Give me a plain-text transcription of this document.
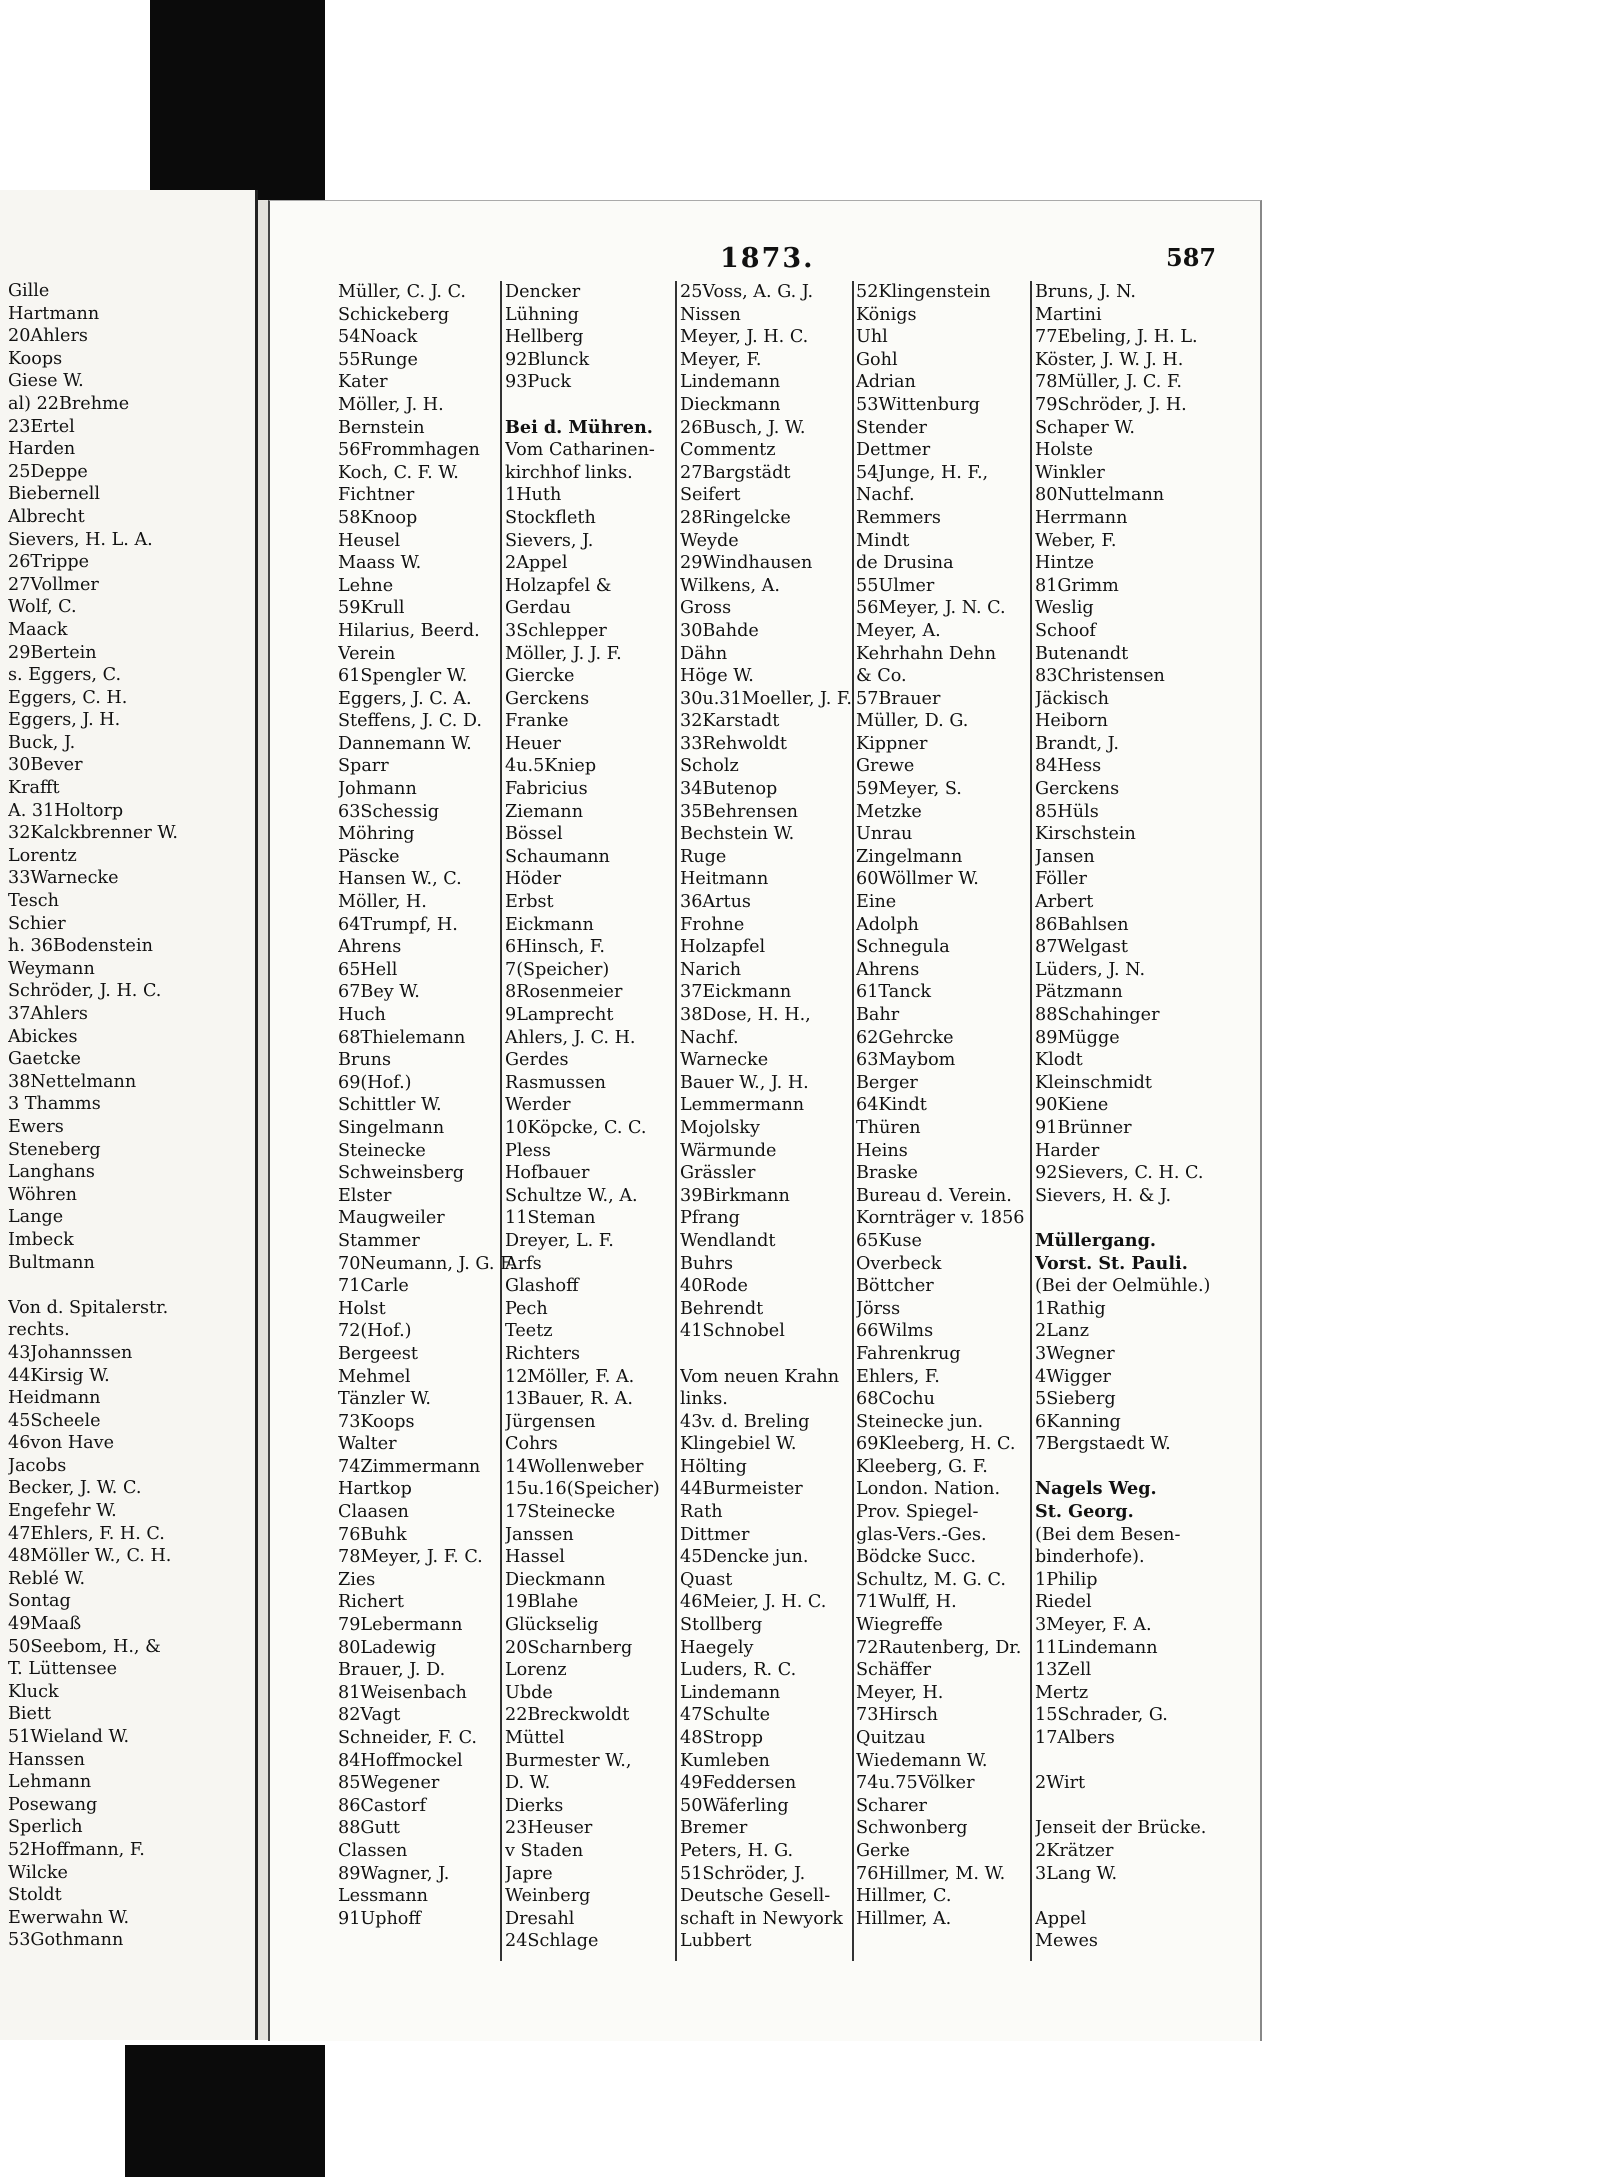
Gille
Hartmann
20Ahlers
Koops
Giese W.
al) 22Brehme
23Ertel
Harden
25Deppe
Biebernell
Albrecht
Sievers, H. L. A.
26Trippe
27Vollmer
Wolf, C.
Maack
29Bertein
s. Eggers, C.
Eggers, C. H.
Eggers, J. H.
Buck, J.
30Bever
Krafft
A. 31Holtorp
32Kalckbrenner W.
Lorentz
33Warnecke
Tesch
Schier
h. 36Bodenstein
Weymann
Schröder, J. H. C.
37Ahlers
Abickes
Gaetcke
38Nettelmann
3 Thamms
Ewers
Steneberg
Langhans
Wöhren
Lange
Imbeck
Bultmann
Von d. Spitalerstr.
rechts.
43Johannssen
44Kirsig W.
Heidmann
45Scheele
46von Have
Jacobs
Becker, J. W. C.
Engefehr W.
47Ehlers, F. H. C.
48Möller W., C. H.
Reblé W.
Sontag
49Maaß
50Seebom, H., &
T. Lüttensee
Kluck
Biett
51Wieland W.
Hanssen
Lehmann
Posewang
Sperlich
52Hoffmann, F.
Wilcke
Stoldt
Ewerwahn W.
53Gothmann
1873.	587
Müller, C. J. C.
Schickeberg
54Noack
55Runge
Kater
Möller, J. H.
Bernstein
56Frommhagen
Koch, C. F. W.
Fichtner
58Knoop
Heusel
Maass W.
Lehne
59Krull
Hilarius, Beerd.
Verein
61Spengler W.
Eggers, J. C. A.
Steffens, J. C. D.
Dannemann W.
Sparr
Johmann
63Schessig
Möhring
Päscke
Hansen W., C.
Möller, H.
64Trumpf, H.
Ahrens
65Hell
67Bey W.
Huch
68Thielemann
Bruns
69(Hof.)
Schittler W.
Singelmann
Steinecke
Schweinsberg
Elster
Maugweiler
Stammer
70Neumann, J. G. F.
71Carle
Holst
72(Hof.)
Bergeest
Mehmel
Tänzler W.
73Koops
Walter
74Zimmermann
Hartkop
Claasen
76Buhk
78Meyer, J. F. C.
Zies
Richert
79Lebermann
80Ladewig
Brauer, J. D.
81Weisenbach
82Vagt
Schneider, F. C.
84Hoffmockel
85Wegener
86Castorf
88Gutt
Classen
89Wagner, J.
Lessmann
91Uphoff
Dencker
Lühning
Hellberg
92Blunck
93Puck
Bei d. Mühren.
Vom Catharinen-
kirchhof links.
1Huth
Stockfleth
Sievers, J.
2Appel
Holzapfel &
Gerdau
3Schlepper
Möller, J. J. F.
Giercke
Gerckens
Franke
Heuer
4u.5Kniep
Fabricius
Ziemann
Bössel
Schaumann
Höder
Erbst
Eickmann
6Hinsch, F.
7(Speicher)
8Rosenmeier
9Lamprecht
Ahlers, J. C. H.
Gerdes
Rasmussen
Werder
10Köpcke, C. C.
Pless
Hofbauer
Schultze W., A.
11Steman
Dreyer, L. F.
Arfs
Glashoff
Pech
Teetz
Richters
12Möller, F. A.
13Bauer, R. A.
Jürgensen
Cohrs
14Wollenweber
15u.16(Speicher)
17Steinecke
Janssen
Hassel
Dieckmann
19Blahe
Glückselig
20Scharnberg
Lorenz
Ubde
22Breckwoldt
Müttel
Burmester W.,
D. W.
Dierks
23Heuser
v Staden
Japre
Weinberg
Dresahl
24Schlage
25Voss, A. G. J.
Nissen
Meyer, J. H. C.
Meyer, F.
Lindemann
Dieckmann
26Busch, J. W.
Commentz
27Bargstädt
Seifert
28Ringelcke
Weyde
29Windhausen
Wilkens, A.
Gross
30Bahde
Dähn
Höge W.
30u.31Moeller, J. F.
32Karstadt
33Rehwoldt
Scholz
34Butenop
35Behrensen
Bechstein W.
Ruge
Heitmann
36Artus
Frohne
Holzapfel
Narich
37Eickmann
38Dose, H. H.,
Nachf.
Warnecke
Bauer W., J. H.
Lemmermann
Mojolsky
Wärmunde
Grässler
39Birkmann
Pfrang
Wendlandt
Buhrs
40Rode
Behrendt
41Schnobel
Vom neuen Krahn
links.
43v. d. Breling
Klingebiel W.
Hölting
44Burmeister
Rath
Dittmer
45Dencke jun.
Quast
46Meier, J. H. C.
Stollberg
Haegely
Luders, R. C.
Lindemann
47Schulte
48Stropp
Kumleben
49Feddersen
50Wäferling
Bremer
Peters, H. G.
51Schröder, J.
Deutsche Gesell-
schaft in Newyork
Lubbert
52Klingenstein
Königs
Uhl
Gohl
Adrian
53Wittenburg
Stender
Dettmer
54Junge, H. F.,
Nachf.
Remmers
Mindt
de Drusina
55Ulmer
56Meyer, J. N. C.
Meyer, A.
Kehrhahn Dehn
& Co.
57Brauer
Müller, D. G.
Kippner
Grewe
59Meyer, S.
Metzke
Unrau
Zingelmann
60Wöllmer W.
Eine
Adolph
Schnegula
Ahrens
61Tanck
Bahr
62Gehrcke
63Maybom
Berger
64Kindt
Thüren
Heins
Braske
Bureau d. Verein.
Kornträger v. 1856
65Kuse
Overbeck
Böttcher
Jörss
66Wilms
Fahrenkrug
Ehlers, F.
68Cochu
Steinecke jun.
69Kleeberg, H. C.
Kleeberg, G. F.
London. Nation.
Prov. Spiegel-
glas-Vers.-Ges.
Bödcke Succ.
Schultz, M. G. C.
71Wulff, H.
Wiegreffe
72Rautenberg, Dr.
Schäffer
Meyer, H.
73Hirsch
Quitzau
Wiedemann W.
74u.75Völker
Scharer
Schwonberg
Gerke
76Hillmer, M. W.
Hillmer, C.
Hillmer, A.
Bruns, J. N.
Martini
77Ebeling, J. H. L.
Köster, J. W. J. H.
78Müller, J. C. F.
79Schröder, J. H.
Schaper W.
Holste
Winkler
80Nuttelmann
Herrmann
Weber, F.
Hintze
81Grimm
Weslig
Schoof
Butenandt
83Christensen
Jäckisch
Heiborn
Brandt, J.
84Hess
Gerckens
85Hüls
Kirschstein
Jansen
Föller
Arbert
86Bahlsen
87Welgast
Lüders, J. N.
Pätzmann
88Schahinger
89Mügge
Klodt
Kleinschmidt
90Kiene
91Brünner
Harder
92Sievers, C. H. C.
Sievers, H. & J.
Müllergang.
Vorst. St. Pauli.
(Bei der Oelmühle.)
1Rathig
2Lanz
3Wegner
4Wigger
5Sieberg
6Kanning
7Bergstaedt W.
Nagels Weg.
St. Georg.
(Bei dem Besen-
binderhofe).
1Philip
Riedel
3Meyer, F. A.
11Lindemann
13Zell
Mertz
15Schrader, G.
17Albers
2Wirt
Jenseit der Brücke.
2Krätzer
3Lang W.
Appel
Mewes
